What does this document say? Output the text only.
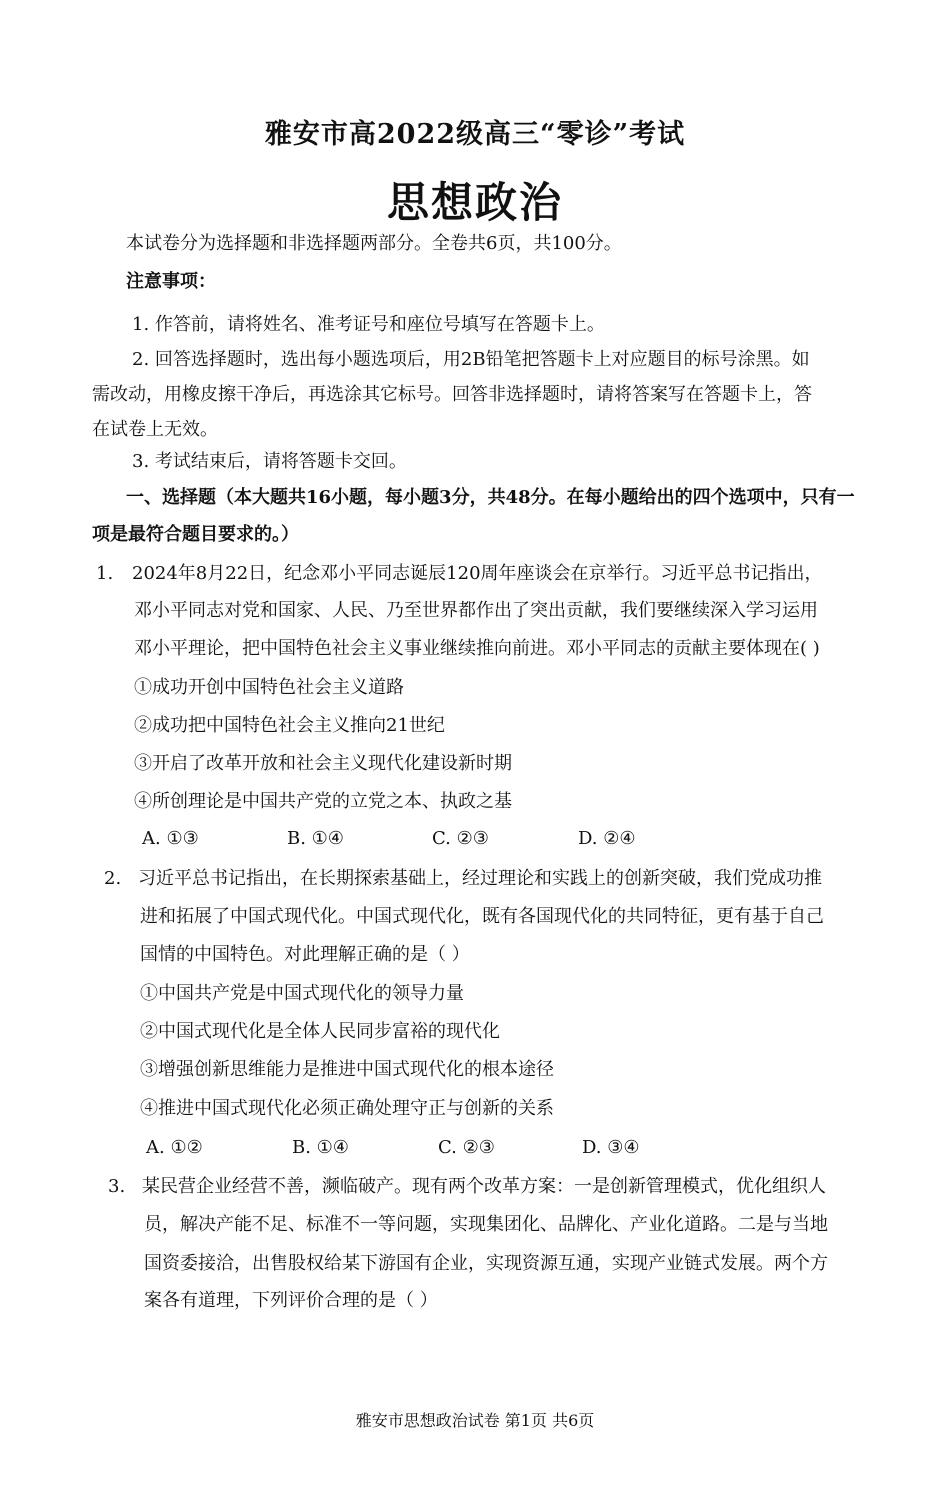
雅安市高2022级高三“零诊”考试
思想政治
本试卷分为选择题和非选择题两部分。全卷共6页，共100分。
注意事项：
1. 作答前，请将姓名、准考证号和座位号填写在答题卡上。
2. 回答选择题时，选出每小题选项后，用2B铅笔把答题卡上对应题目的标号涂黑。如
需改动，用橡皮擦干净后，再选涂其它标号。回答非选择题时，请将答案写在答题卡上，答
在试卷上无效。
3. 考试结束后，请将答题卡交回。
一、选择题（本大题共16小题，每小题3分，共48分。在每小题给出的四个选项中，只有一
项是最符合题目要求的。）
1. 2024年8月22日，纪念邓小平同志诞辰120周年座谈会在京举行。习近平总书记指出，
邓小平同志对党和国家、人民、乃至世界都作出了突出贡献，我们要继续深入学习运用
邓小平理论，把中国特色社会主义事业继续推向前进。邓小平同志的贡献主要体现在( )
①成功开创中国特色社会主义道路
②成功把中国特色社会主义推向21世纪
③开启了改革开放和社会主义现代化建设新时期
④所创理论是中国共产党的立党之本、执政之基
A. ①③	B. ①④	C. ②③	D. ②④
2. 习近平总书记指出，在长期探索基础上，经过理论和实践上的创新突破，我们党成功推
进和拓展了中国式现代化。中国式现代化，既有各国现代化的共同特征，更有基于自己
国情的中国特色。对此理解正确的是（ ）
①中国共产党是中国式现代化的领导力量
②中国式现代化是全体人民同步富裕的现代化
③增强创新思维能力是推进中国式现代化的根本途径
④推进中国式现代化必须正确处理守正与创新的关系
A. ①②	B. ①④	C. ②③	D. ③④
3. 某民营企业经营不善，濒临破产。现有两个改革方案：一是创新管理模式，优化组织人
员，解决产能不足、标准不一等问题，实现集团化、品牌化、产业化道路。二是与当地
国资委接洽，出售股权给某下游国有企业，实现资源互通，实现产业链式发展。两个方
案各有道理，下列评价合理的是（ ）
雅安市思想政治试卷 第1页 共6页
